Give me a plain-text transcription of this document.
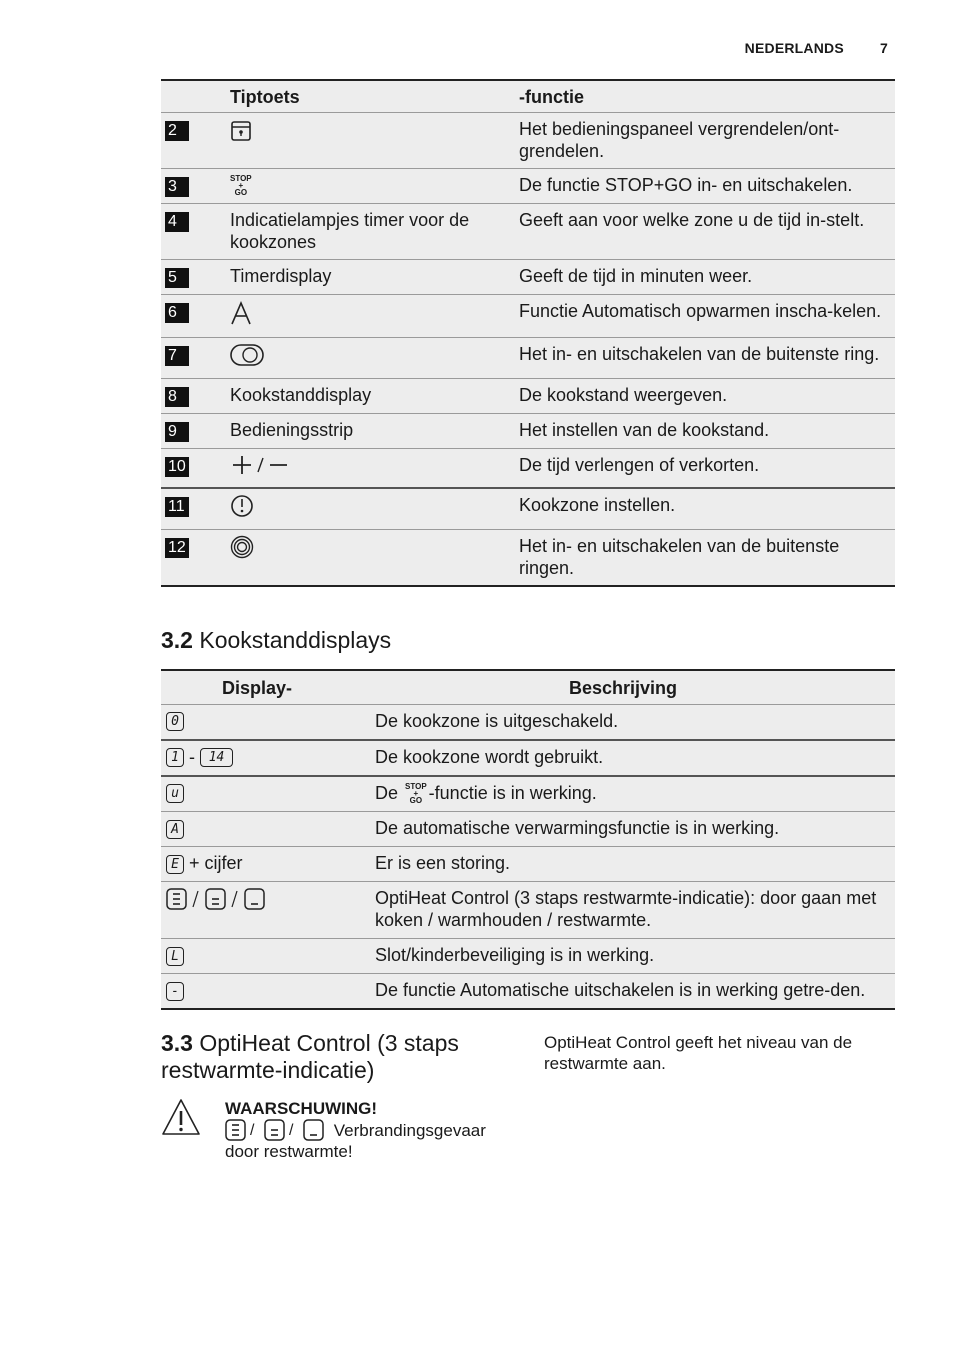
NEDERLANDS	7
	Tiptoets	-functie
2		Het bedieningspaneel vergrendelen/ont-grendelen.
3	STOP
+
GO	De functie STOP+GO in- en uitschakelen.
4	Indicatielampjes timer voor de kookzones	Geeft aan voor welke zone u de tijd in-stelt.
5	Timerdisplay	Geeft de tijd in minuten weer.
6		Functie Automatisch opwarmen inscha-kelen.
7		Het in- en uitschakelen van de buitenste ring.
8	Kookstanddisplay	De kookstand weergeven.
9	Bedieningsstrip	Het instellen van de kookstand.
10		De tijd verlengen of verkorten.
11		Kookzone instellen.
12		Het in- en uitschakelen van de buitenste ringen.
3.2 Kookstanddisplays
Display-	Beschrijving
0	De kookzone is uitgeschakeld.
1 - 14	De kookzone wordt gebruikt.
u	De STOP
+
GO -functie is in werking.
A	De automatische verwarmingsfunctie is in werking.
E + cijfer	Er is een storing.
	OptiHeat Control (3 staps restwarmte-indicatie): door gaan met koken / warmhouden / restwarmte.
L	Slot/kinderbeveiliging is in werking.
-	De functie Automatische uitschakelen is in werking getre-den.
3.3 OptiHeat Control (3 staps
restwarmte-indicatie)
OptiHeat Control geeft het niveau van de restwarmte aan.
WAARSCHUWING!
/ / Verbrandingsgevaar
door restwarmte!
